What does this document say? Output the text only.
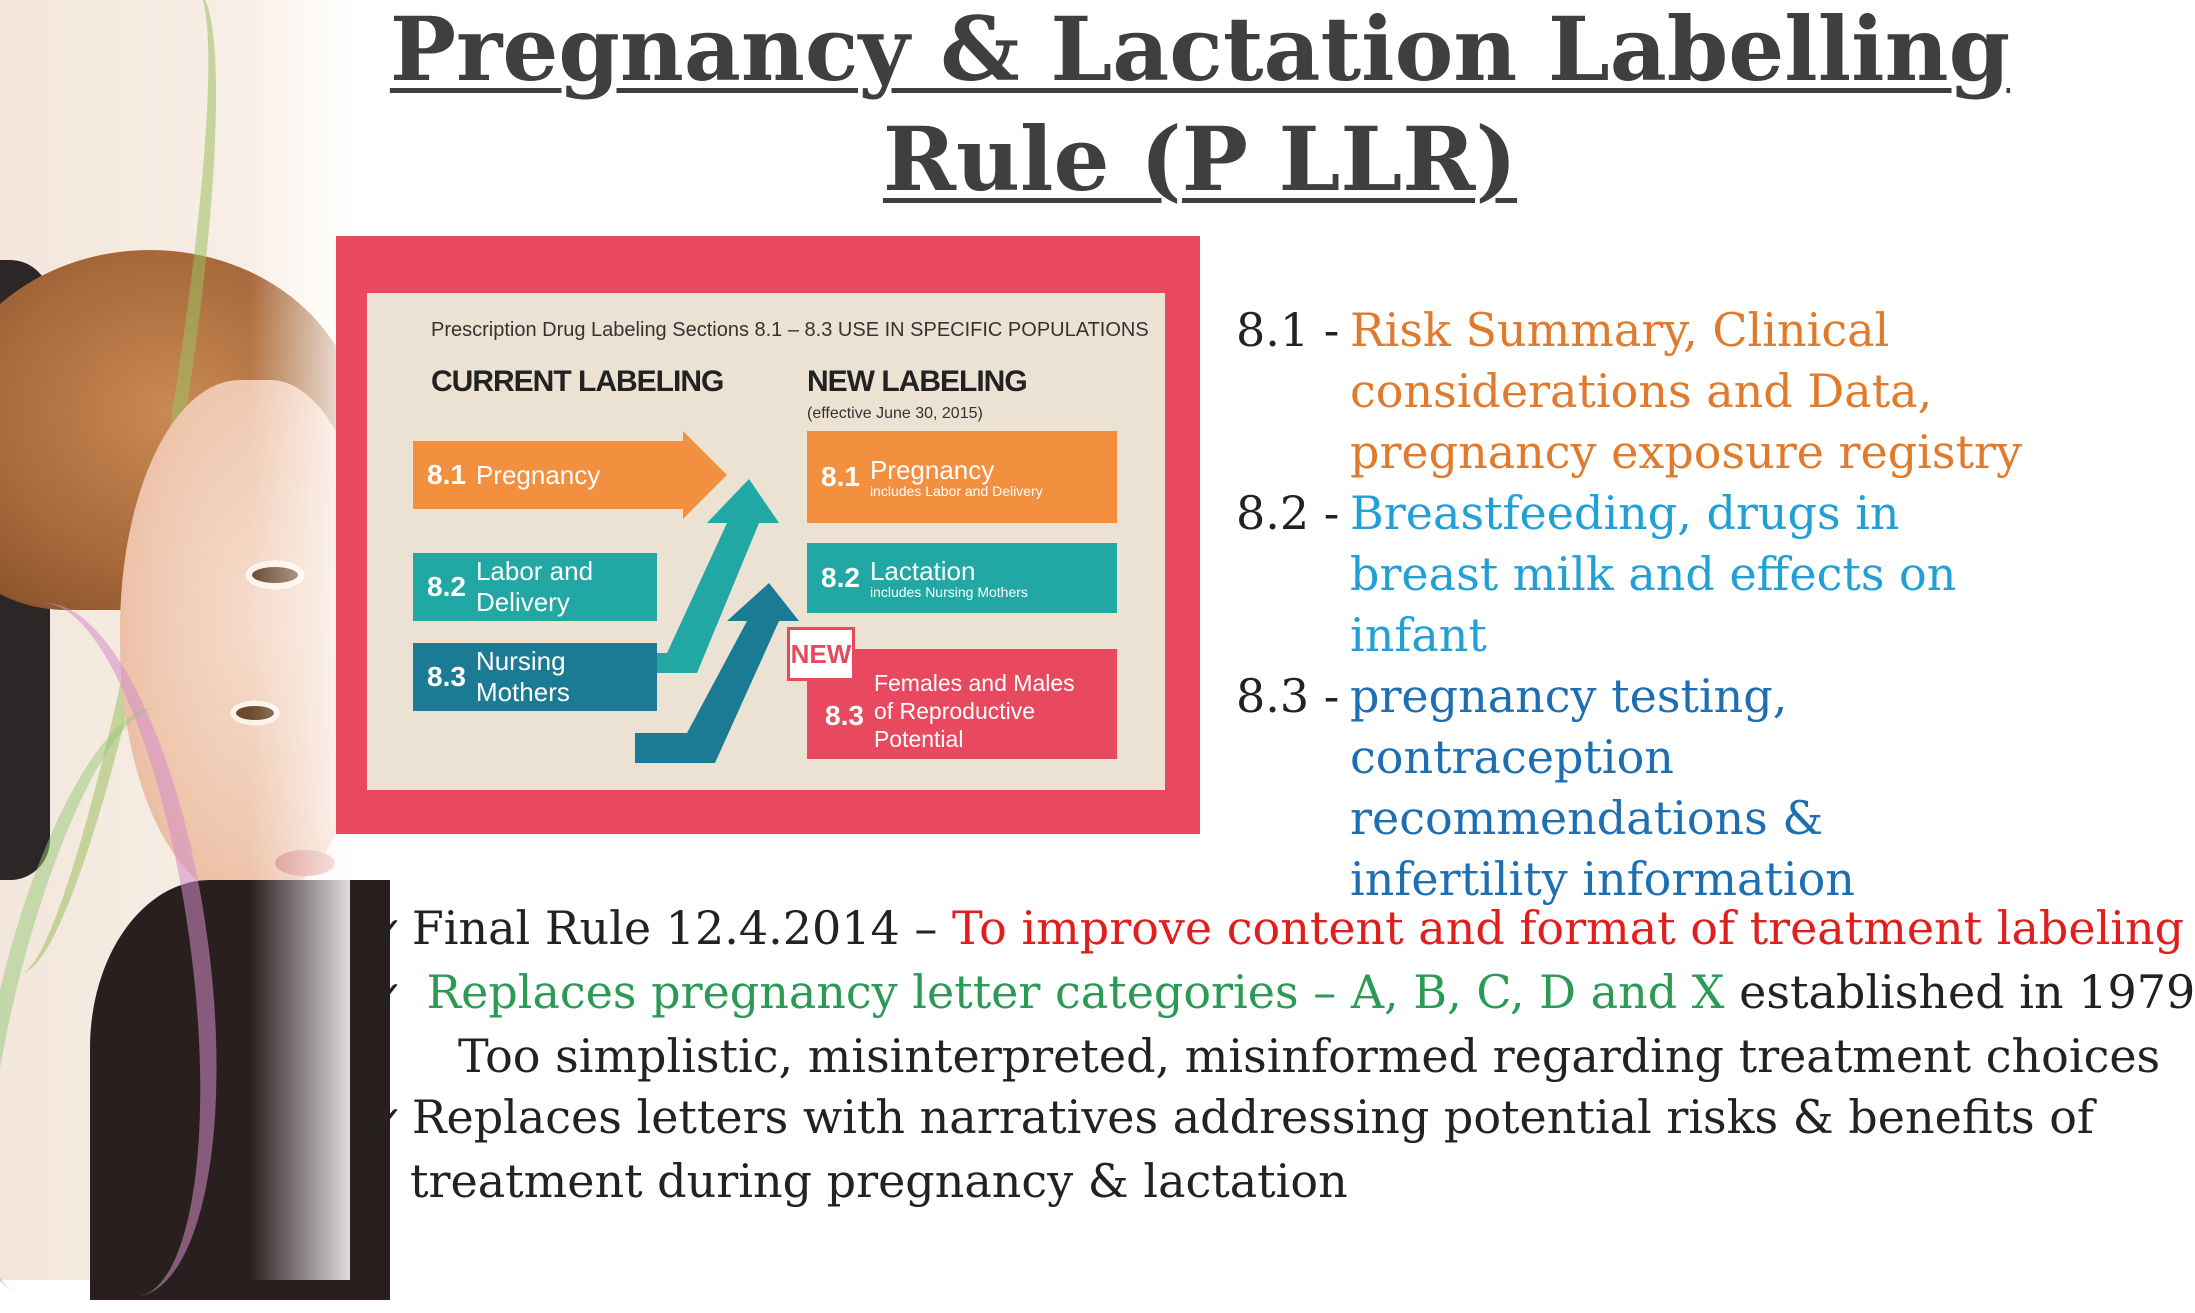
Pregnancy & Lactation Labelling Rule (P LLR)
Prescription Drug Labeling Sections 8.1 – 8.3 USE IN SPECIFIC POPULATIONS
CURRENT LABELING	NEW LABELING
(effective June 30, 2015)
8.1 Pregnancy
8.2 Labor and Delivery
8.3 Nursing Mothers
8.1 Pregnancy
includes Labor and Delivery
8.2 Lactation
includes Nursing Mothers
NEW
8.3
Females and Males of Reproductive Potential
8.1 - Risk Summary, Clinical considerations and Data, pregnancy exposure registry
8.2 - Breastfeeding, drugs in breast milk and effects on infant
8.3 - pregnancy testing, contraception recommendations & infertility information
✓ Final Rule 12.4.2014 – To improve content and format of treatment labeling
✓ Replaces pregnancy letter categories – A, B, C, D and X established in 1979
Too simplistic, misinterpreted, misinformed regarding treatment choices
✓ Replaces letters with narratives addressing potential risks & benefits of
treatment during pregnancy & lactation
